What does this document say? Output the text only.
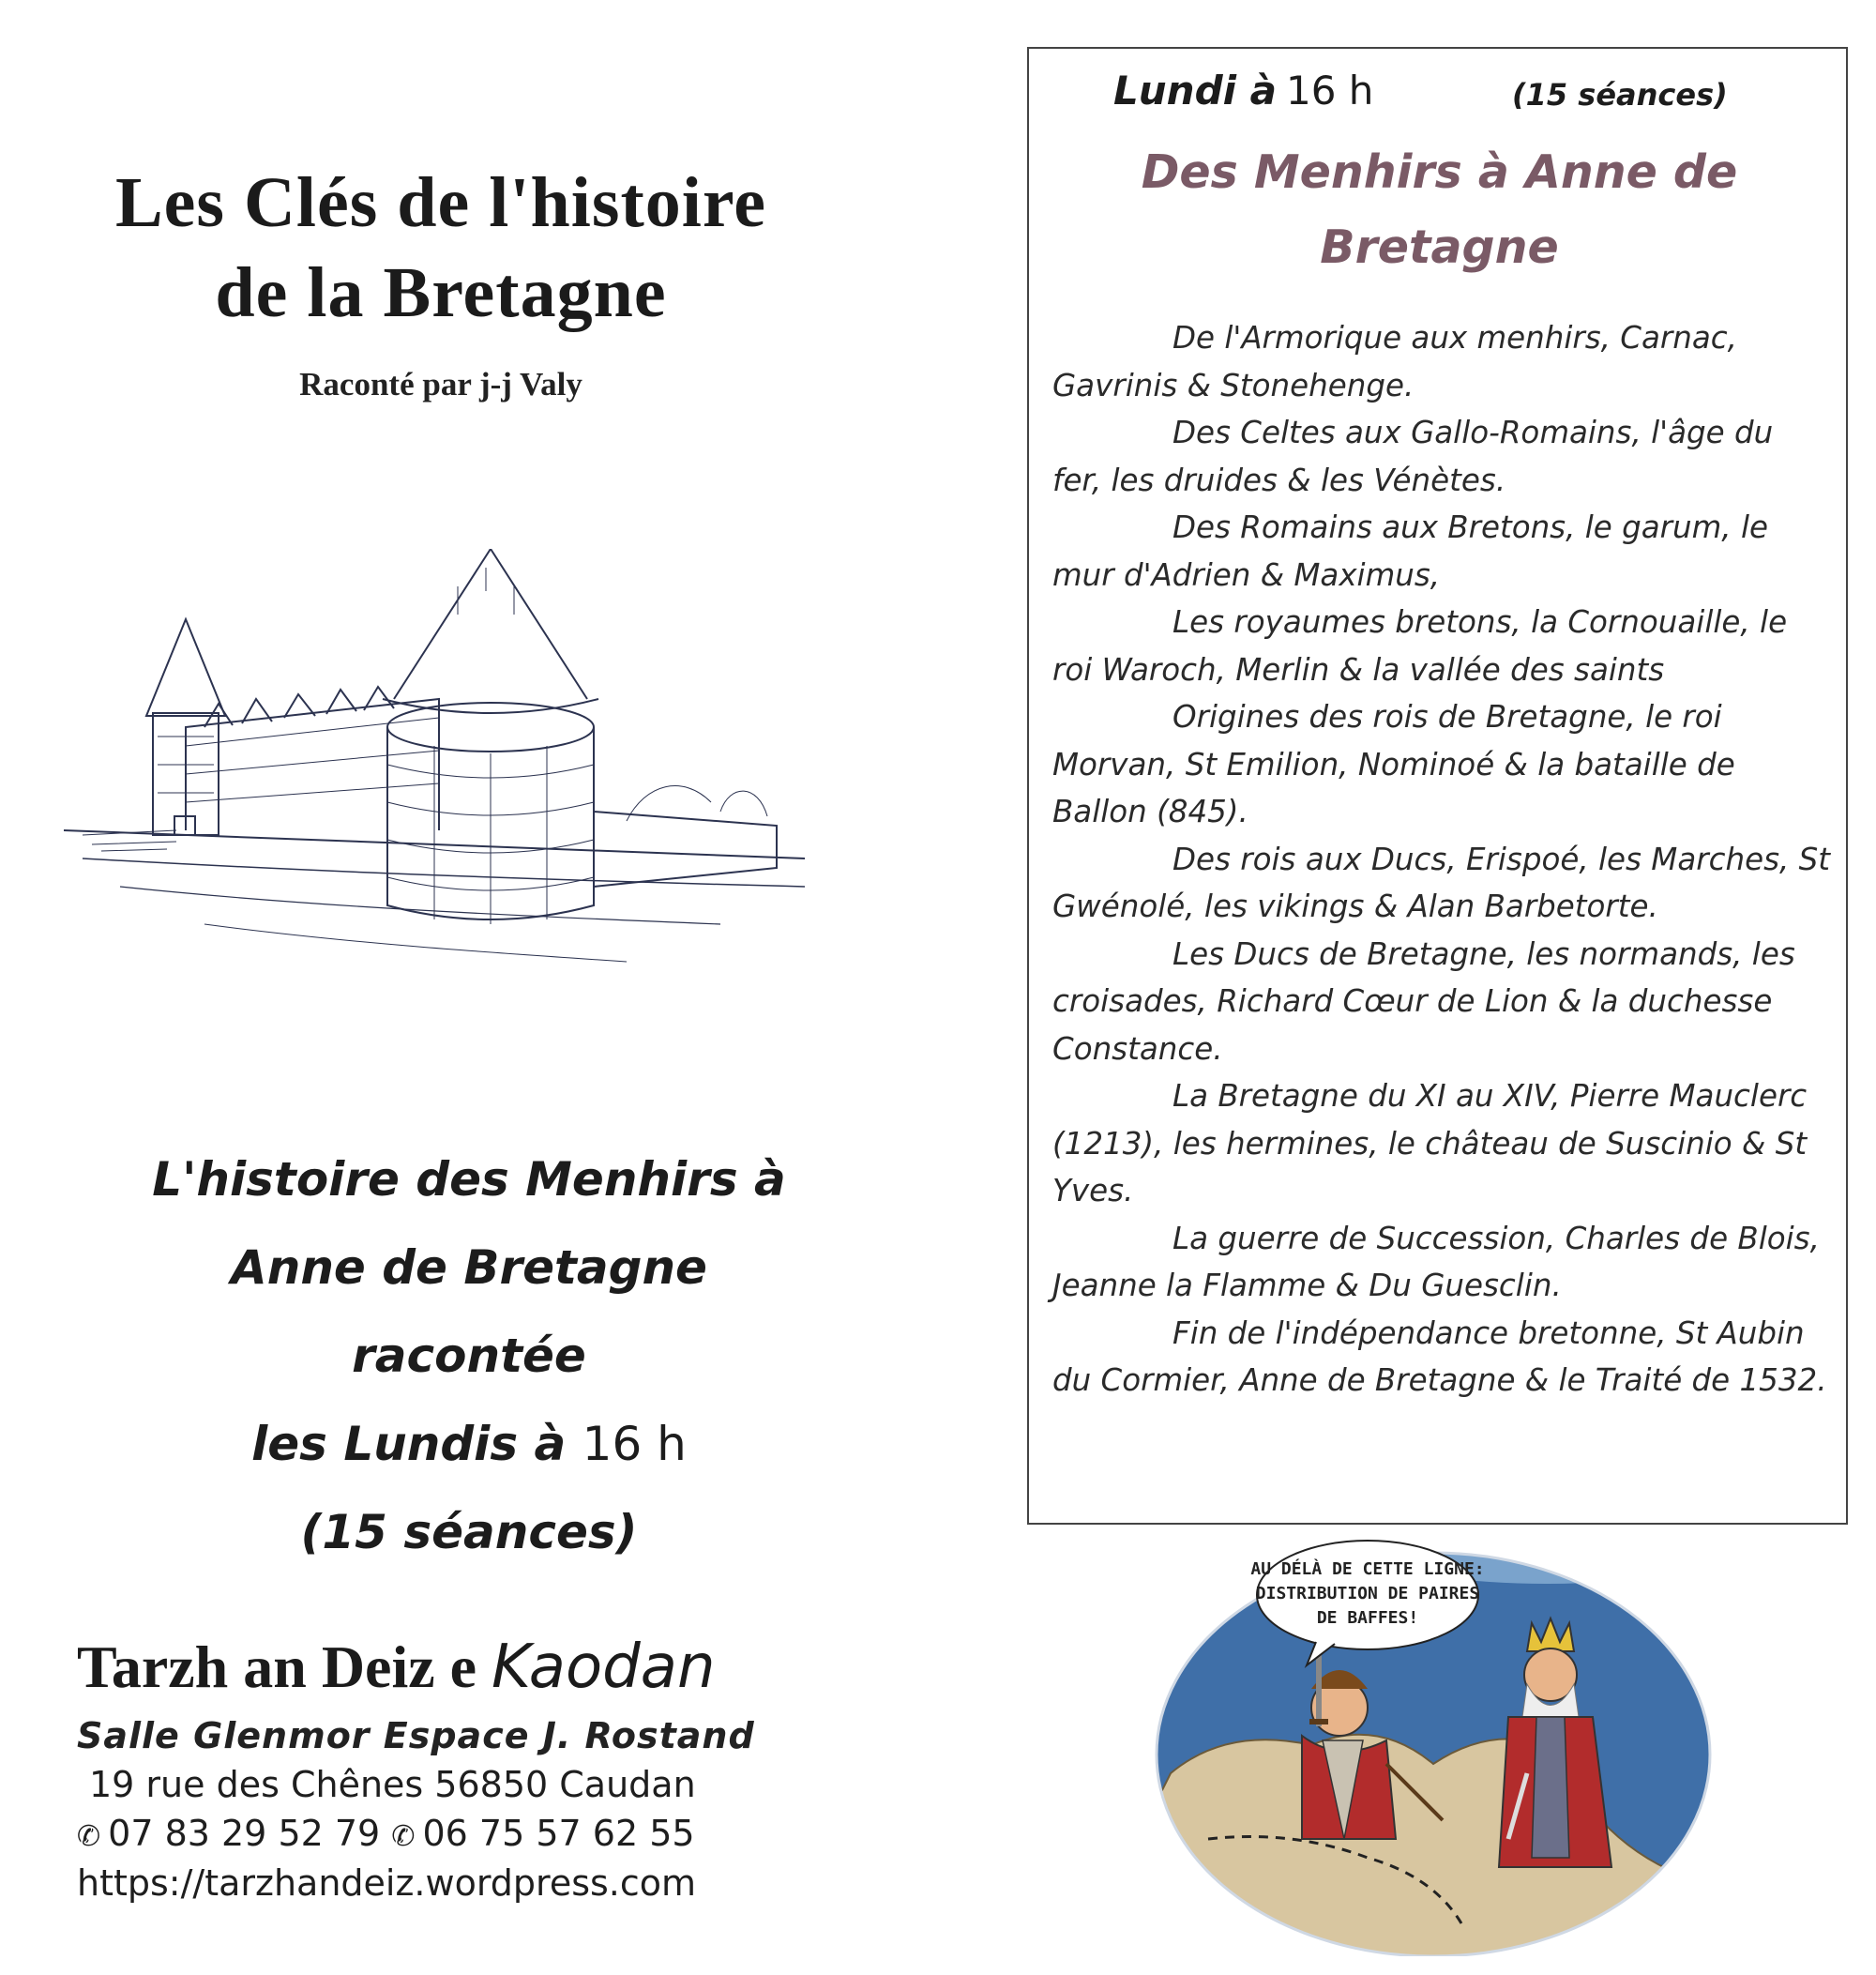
Les Clés de l'histoire
de la Bretagne
Raconté par j-j Valy
L'histoire des Menhirs à
Anne de Bretagne
racontée
les Lundis à 16 h
(15 séances)
Tarzh an Deiz e Kaodan
Salle Glenmor Espace J. Rostand
19 rue des Chênes 56850 Caudan
✆ 07 83 29 52 79 ✆ 06 75 57 62 55
https://tarzhandeiz.wordpress.com
Lundi à 16 h	(15 séances)
Des Menhirs à Anne de
Bretagne

De l'Armorique aux menhirs, Carnac, Gavrinis & Stonehenge.

Des Celtes aux Gallo-Romains, l'âge du fer, les druides & les Vénètes.

Des Romains aux Bretons, le garum, le mur d'Adrien & Maximus,

Les royaumes bretons, la Cornouaille, le roi Waroch, Merlin & la vallée des saints

Origines des rois de Bretagne, le roi Morvan, St Emilion, Nominoé & la bataille de Ballon (845).

Des rois aux Ducs, Erispoé, les Marches, St Gwénolé, les vikings & Alan Barbetorte.

Les Ducs de Bretagne, les normands, les croisades, Richard Cœur de Lion & la duchesse Constance.

La Bretagne du XI au XIV, Pierre Mauclerc (1213), les hermines, le château de Suscinio & St Yves.

La guerre de Succession, Charles de Blois, Jeanne la Flamme & Du Guesclin.

Fin de l'indépendance bretonne, St Aubin du Cormier, Anne de Bretagne & le Traité de 1532.

AU DÉLÀ DE CETTE LIGNE:
DISTRIBUTION DE PAIRES
DE BAFFES!
